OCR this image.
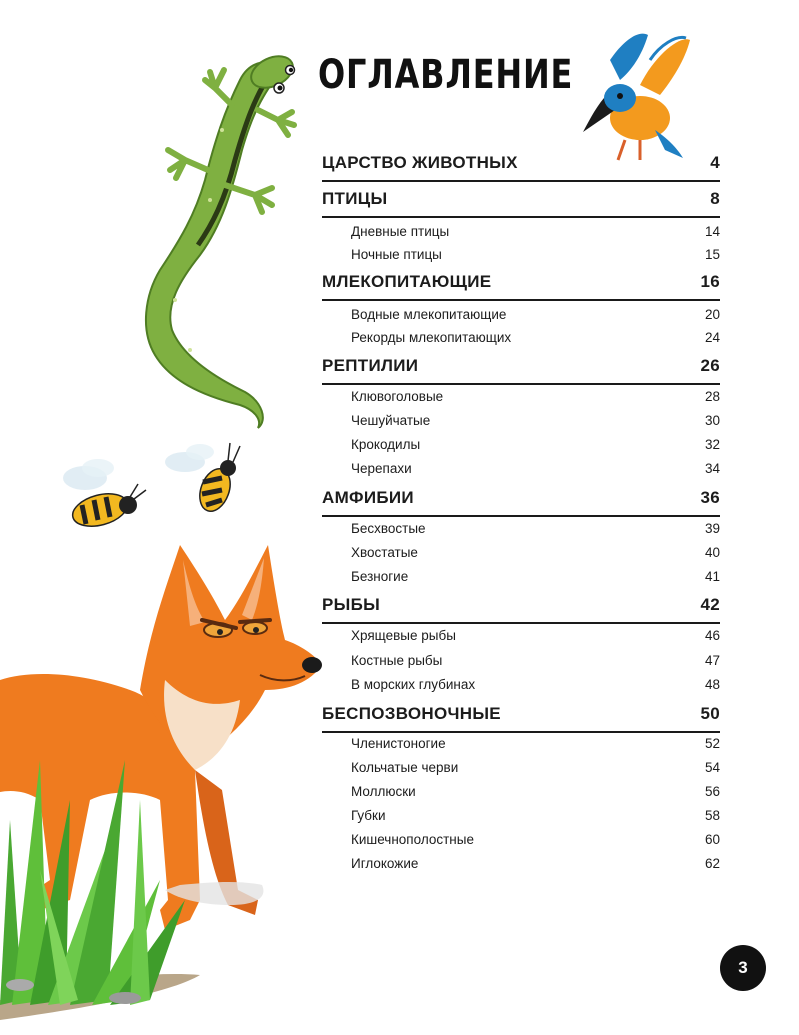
ОГЛАВЛЕНИЕ
ЦАРСТВО ЖИВОТНЫХ	4
ПТИЦЫ	8
Дневные птицы	14
Ночные птицы	15
МЛЕКОПИТАЮЩИЕ	16
Водные млекопитающие	20
Рекорды млекопитающих	24
РЕПТИЛИИ	26
Клювоголовые	28
Чешуйчатые	30
Крокодилы	32
Черепахи	34
АМФИБИИ	36
Бесхвостые	39
Хвостатые	40
Безногие	41
РЫБЫ	42
Хрящевые рыбы	46
Костные рыбы	47
В морских глубинах	48
БЕСПОЗВОНОЧНЫЕ	50
Членистоногие	52
Кольчатые черви	54
Моллюски	56
Губки	58
Кишечнополостные	60
Иглокожие	62
3
